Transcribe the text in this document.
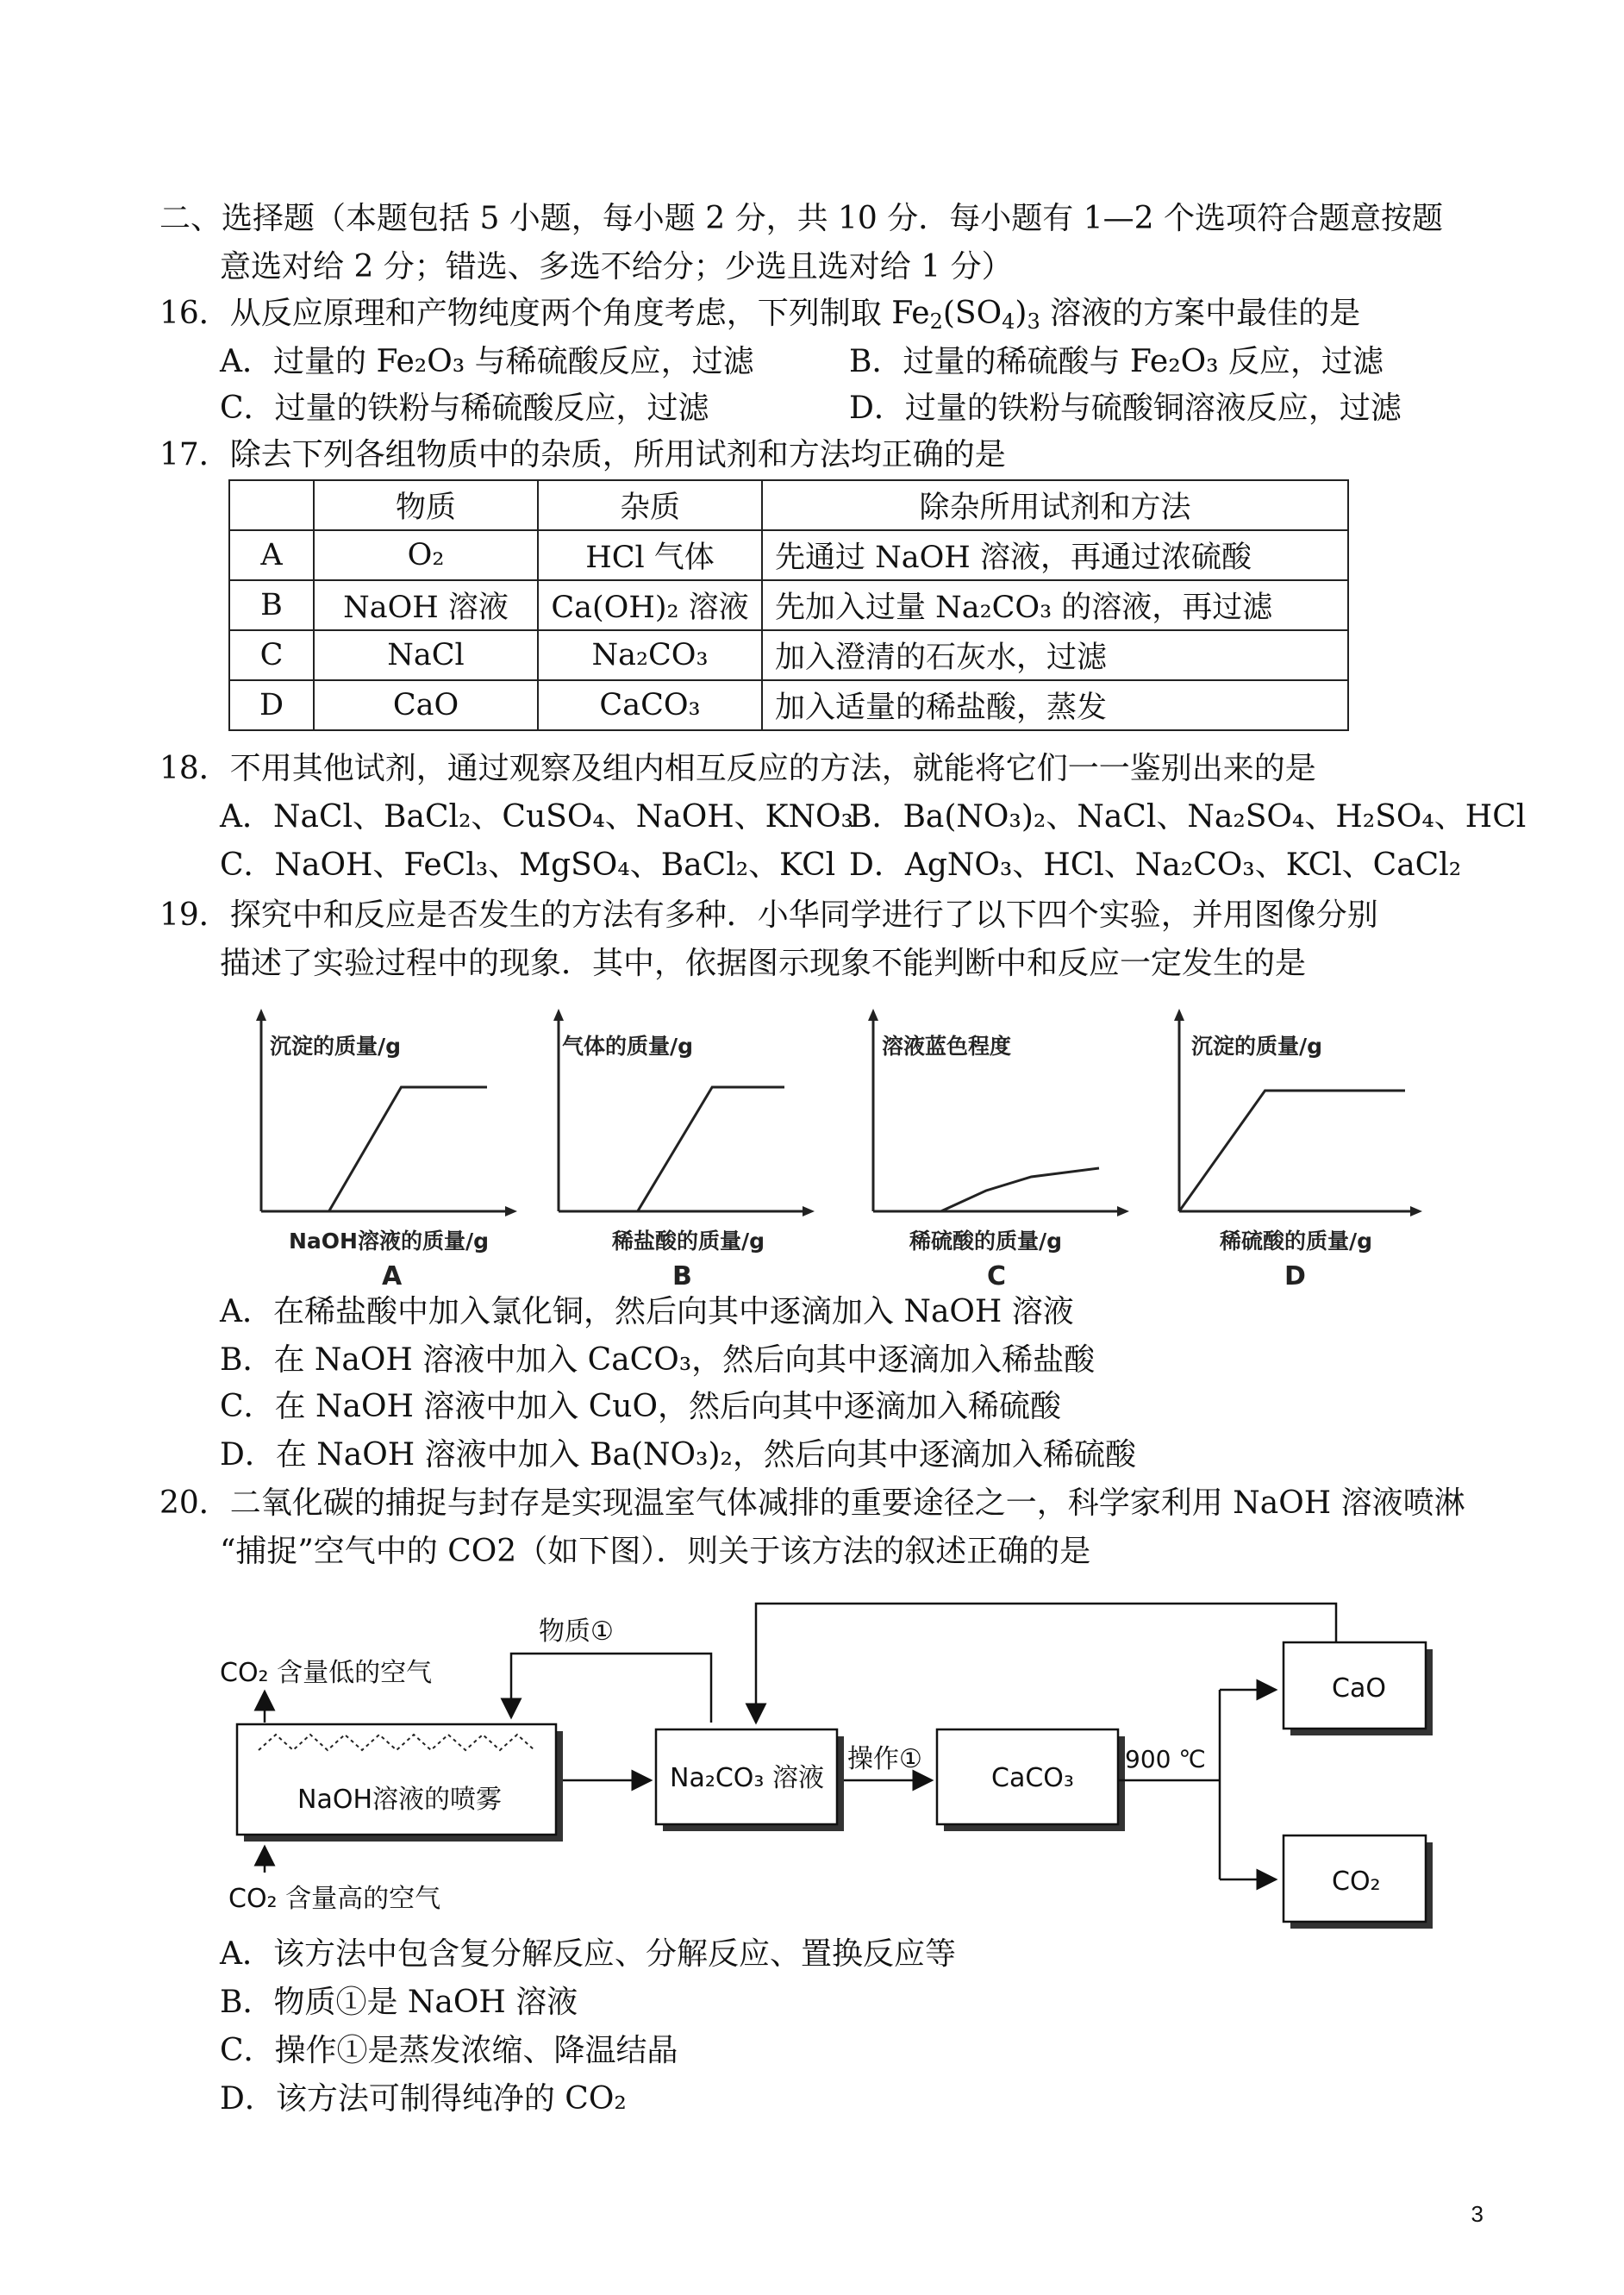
二、选择题（本题包括 5 小题，每小题 2 分，共 10 分．每小题有 1—2 个选项符合题意按题
意选对给 2 分；错选、多选不给分；少选且选对给 1 分）
16．从反应原理和产物纯度两个角度考虑，下列制取 $Fe_2(SO_4)_3$ 溶液的方案中最佳的是
A．过量的 Fe₂O₃ 与稀硫酸反应，过滤	B．过量的稀硫酸与 Fe₂O₃ 反应，过滤
C．过量的铁粉与稀硫酸反应，过滤	D．过量的铁粉与硫酸铜溶液反应，过滤
17．除去下列各组物质中的杂质，所用试剂和方法均正确的是
	物质	杂质	除杂所用试剂和方法
A	O₂	HCl 气体	先通过 NaOH 溶液，再通过浓硫酸
B	NaOH 溶液	Ca(OH)₂ 溶液	先加入过量 Na₂CO₃ 的溶液，再过滤
C	NaCl	Na₂CO₃	加入澄清的石灰水，过滤
D	CaO	CaCO₃	加入适量的稀盐酸，蒸发
18．不用其他试剂，通过观察及组内相互反应的方法，就能将它们一一鉴别出来的是
A．NaCl、BaCl₂、CuSO₄、NaOH、KNO₃
B．Ba(NO₃)₂、NaCl、Na₂SO₄、H₂SO₄、HCl
C．NaOH、FeCl₃、MgSO₄、BaCl₂、KCl D．AgNO₃、HCl、Na₂CO₃、KCl、CaCl₂
19．探究中和反应是否发生的方法有多种．小华同学进行了以下四个实验，并用图像分别
描述了实验过程中的现象．其中，依据图示现象不能判断中和反应一定发生的是
沉淀的质量/g
NaOH溶液的质量/g
A
气体的质量/g
稀盐酸的质量/g
B
溶液蓝色程度
稀硫酸的质量/g
C
沉淀的质量/g
稀硫酸的质量/g
D
A．在稀盐酸中加入氯化铜，然后向其中逐滴加入 NaOH 溶液
B．在 NaOH 溶液中加入 CaCO₃，然后向其中逐滴加入稀盐酸
C．在 NaOH 溶液中加入 CuO，然后向其中逐滴加入稀硫酸
D．在 NaOH 溶液中加入 Ba(NO₃)₂，然后向其中逐滴加入稀硫酸
20．二氧化碳的捕捉与封存是实现温室气体减排的重要途径之一，科学家利用 NaOH 溶液喷淋
“捕捉”空气中的 CO2（如下图）．则关于该方法的叙述正确的是
CO₂ 含量低的空气
NaOH溶液的喷雾
CO₂ 含量高的空气
物质①
Na₂CO₃ 溶液
操作①
CaCO₃
900 ℃
CaO
CO₂
A．该方法中包含复分解反应、分解反应、置换反应等
B．物质①是 NaOH 溶液
C．操作①是蒸发浓缩、降温结晶
D．该方法可制得纯净的 CO₂
3
